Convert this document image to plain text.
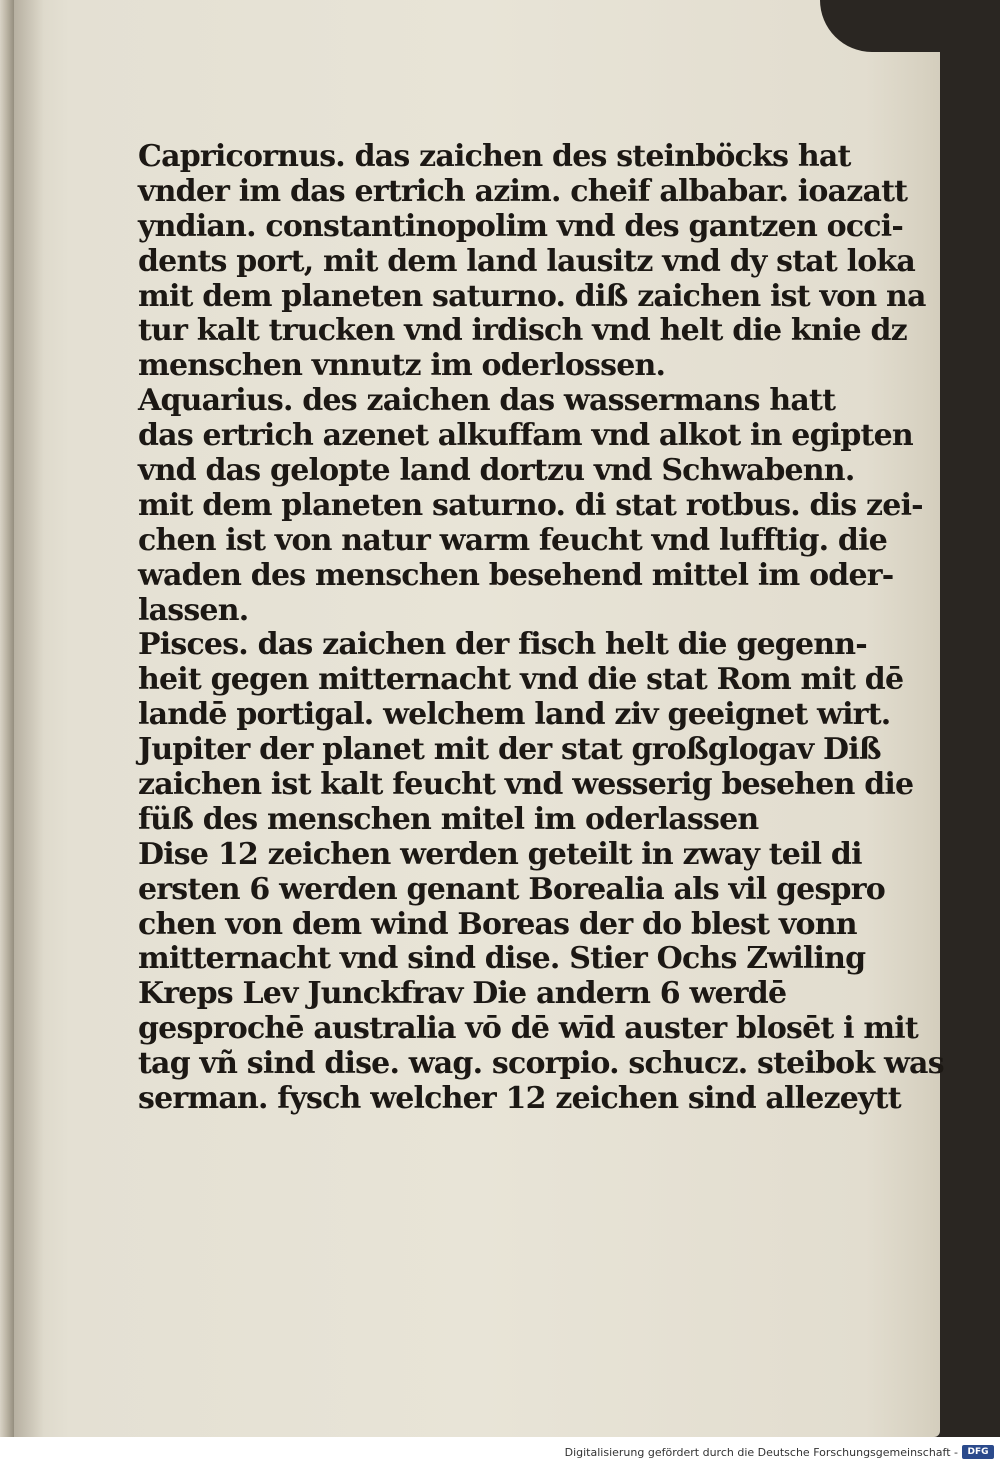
Capricornus. das zaichen des steinböcks hat
vnder im das ertrich azim. cheif albabar. ioazatt
yndian. constantinopolim vnd des gantzen occi-
dents port, mit dem land lausitz vnd dy stat loka
mit dem planeten saturno. diß zaichen ist von na
tur kalt trucken vnd irdisch vnd helt die knie dz
menschen vnnutz im oderlossen.
Aquarius. des zaichen das wassermans hatt
das ertrich azenet alkuffam vnd alkot in egipten
vnd das gelopte land dortzu vnd Schwabenn.
mit dem planeten saturno. di stat rotbus. dis zei-
chen ist von natur warm feucht vnd lufftig. die
waden des menschen besehend mittel im oder-
lassen.
Pisces. das zaichen der fisch helt die gegenn-
heit gegen mitternacht vnd die stat Rom mit dē
landē portigal. welchem land ziv geeignet wirt.
Jupiter der planet mit der stat großglogav Diß
zaichen ist kalt feucht vnd wesserig besehen die
füß des menschen mitel im oderlassen
Dise 12 zeichen werden geteilt in zway teil di
ersten 6 werden genant Borealia als vil gespro
chen von dem wind Boreas der do blest vonn
mitternacht vnd sind dise. Stier Ochs Zwiling
Kreps Lev Junckfrav Die andern 6 werdē
gesprochē australia vō dē wīd auster blosēt i mit
tag vñ sind dise. wag. scorpio. schucz. steibok was
serman. fysch welcher 12 zeichen sind allezeytt
Digitalisierung gefördert durch die Deutsche Forschungsgemeinschaft -	DFG
